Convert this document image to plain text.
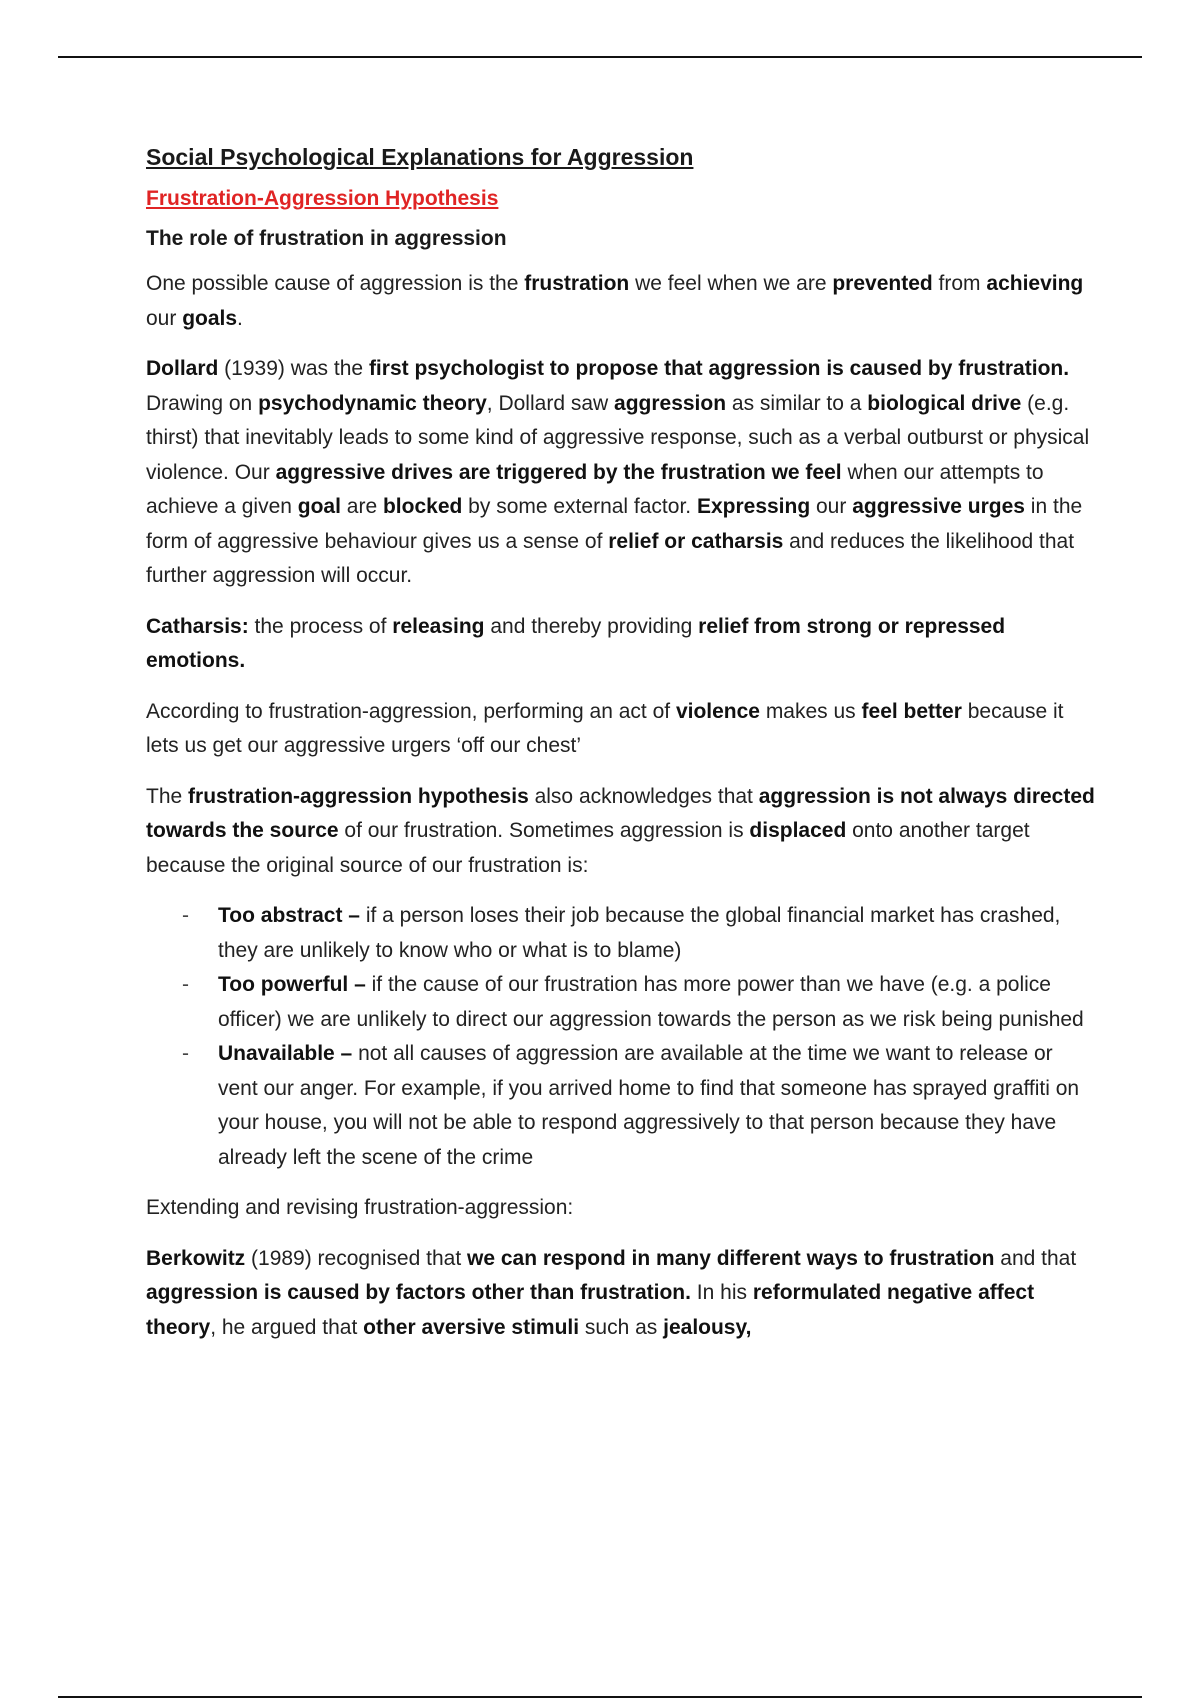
Social Psychological Explanations for Aggression
Frustration-Aggression Hypothesis
The role of frustration in aggression

One possible cause of aggression is the frustration we feel when we are prevented from achieving our goals.

Dollard (1939) was the first psychologist to propose that aggression is caused by frustration. Drawing on psychodynamic theory, Dollard saw aggression as similar to a biological drive (e.g. thirst) that inevitably leads to some kind of aggressive response, such as a verbal outburst or physical violence. Our aggressive drives are triggered by the frustration we feel when our attempts to achieve a given goal are blocked by some external factor. Expressing our aggressive urges in the form of aggressive behaviour gives us a sense of relief or catharsis and reduces the likelihood that further aggression will occur.

Catharsis: the process of releasing and thereby providing relief from strong or repressed emotions.

According to frustration-aggression, performing an act of violence makes us feel better because it lets us get our aggressive urgers ‘off our chest’

The frustration-aggression hypothesis also acknowledges that aggression is not always directed towards the source of our frustration. Sometimes aggression is displaced onto another target because the original source of our frustration is:

- Too abstract – if a person loses their job because the global financial market has crashed, they are unlikely to know who or what is to blame)
- Too powerful – if the cause of our frustration has more power than we have (e.g. a police officer) we are unlikely to direct our aggression towards the person as we risk being punished
- Unavailable – not all causes of aggression are available at the time we want to release or vent our anger. For example, if you arrived home to find that someone has sprayed graffiti on your house, you will not be able to respond aggressively to that person because they have already left the scene of the crime

Extending and revising frustration-aggression:

Berkowitz (1989) recognised that we can respond in many different ways to frustration and that aggression is caused by factors other than frustration. In his reformulated negative affect theory, he argued that other aversive stimuli such as jealousy,
